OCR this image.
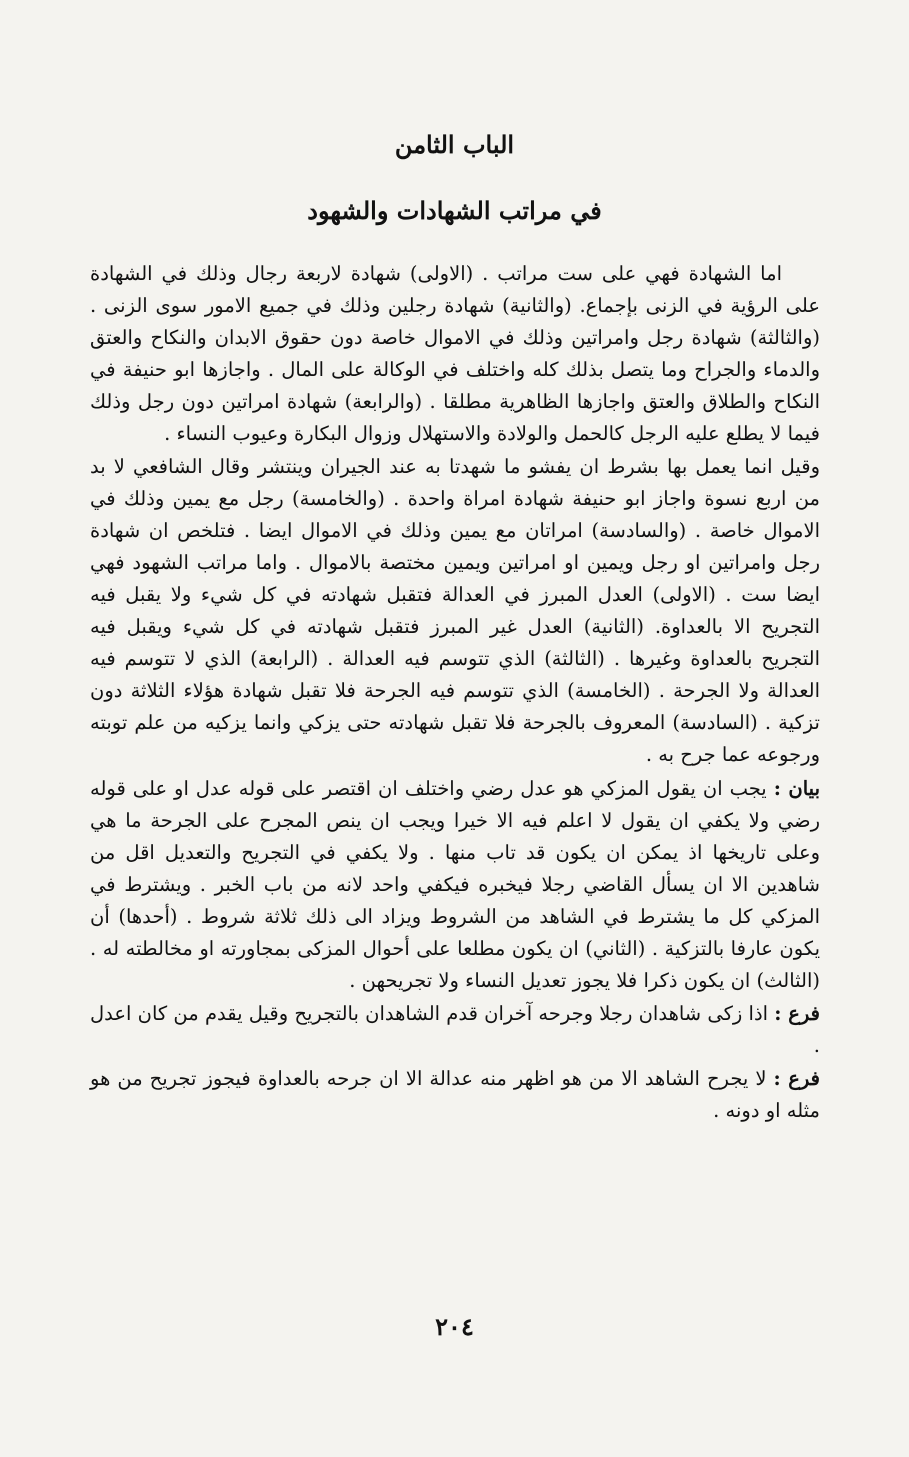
الباب الثامن
في مراتب الشهادات والشهود

اما الشهادة فهي على ست مراتب . (الاولى) شهادة لاربعة رجال وذلك في الشهادة على الرؤية في الزنى بإجماع. (والثانية) شهادة رجلين وذلك في جميع الامور سوى الزنى . (والثالثة) شهادة رجل وامراتين وذلك في الاموال خاصة دون حقوق الابدان والنكاح والعتق والدماء والجراح وما يتصل بذلك كله واختلف في الوكالة على المال . واجازها ابو حنيفة في النكاح والطلاق والعتق واجازها الظاهرية مطلقا . (والرابعة) شهادة امراتين دون رجل وذلك فيما لا يطلع عليه الرجل كالحمل والولادة والاستهلال وزوال البكارة وعيوب النساء .

وقيل انما يعمل بها بشرط ان يفشو ما شهدتا به عند الجيران وينتشر وقال الشافعي لا بد من اربع نسوة واجاز ابو حنيفة شهادة امراة واحدة . (والخامسة) رجل مع يمين وذلك في الاموال خاصة . (والسادسة) امراتان مع يمين وذلك في الاموال ايضا . فتلخص ان شهادة رجل وامراتين او رجل ويمين او امراتين ويمين مختصة بالاموال . واما مراتب الشهود فهي ايضا ست . (الاولى) العدل المبرز في العدالة فتقبل شهادته في كل شيء ولا يقبل فيه التجريح الا بالعداوة. (الثانية) العدل غير المبرز فتقبل شهادته في كل شيء ويقبل فيه التجريح بالعداوة وغيرها . (الثالثة) الذي تتوسم فيه العدالة . (الرابعة) الذي لا تتوسم فيه العدالة ولا الجرحة . (الخامسة) الذي تتوسم فيه الجرحة فلا تقبل شهادة هؤلاء الثلاثة دون تزكية . (السادسة) المعروف بالجرحة فلا تقبل شهادته حتى يزكي وانما يزكيه من علم توبته ورجوعه عما جرح به .

بيان : يجب ان يقول المزكي هو عدل رضي واختلف ان اقتصر على قوله عدل او على قوله رضي ولا يكفي ان يقول لا اعلم فيه الا خيرا ويجب ان ينص المجرح على الجرحة ما هي وعلى تاريخها اذ يمكن ان يكون قد تاب منها . ولا يكفي في التجريح والتعديل اقل من شاهدين الا ان يسأل القاضي رجلا فيخبره فيكفي واحد لانه من باب الخبر . ويشترط في المزكي كل ما يشترط في الشاهد من الشروط ويزاد الى ذلك ثلاثة شروط . (أحدها) أن يكون عارفا بالتزكية . (الثاني) ان يكون مطلعا على أحوال المزكى بمجاورته او مخالطته له . (الثالث) ان يكون ذكرا فلا يجوز تعديل النساء ولا تجريحهن .

فرع : اذا زكى شاهدان رجلا وجرحه آخران قدم الشاهدان بالتجريح وقيل يقدم من كان اعدل .

فرع : لا يجرح الشاهد الا من هو اظهر منه عدالة الا ان جرحه بالعداوة فيجوز تجريح من هو مثله او دونه .

٢٠٤
